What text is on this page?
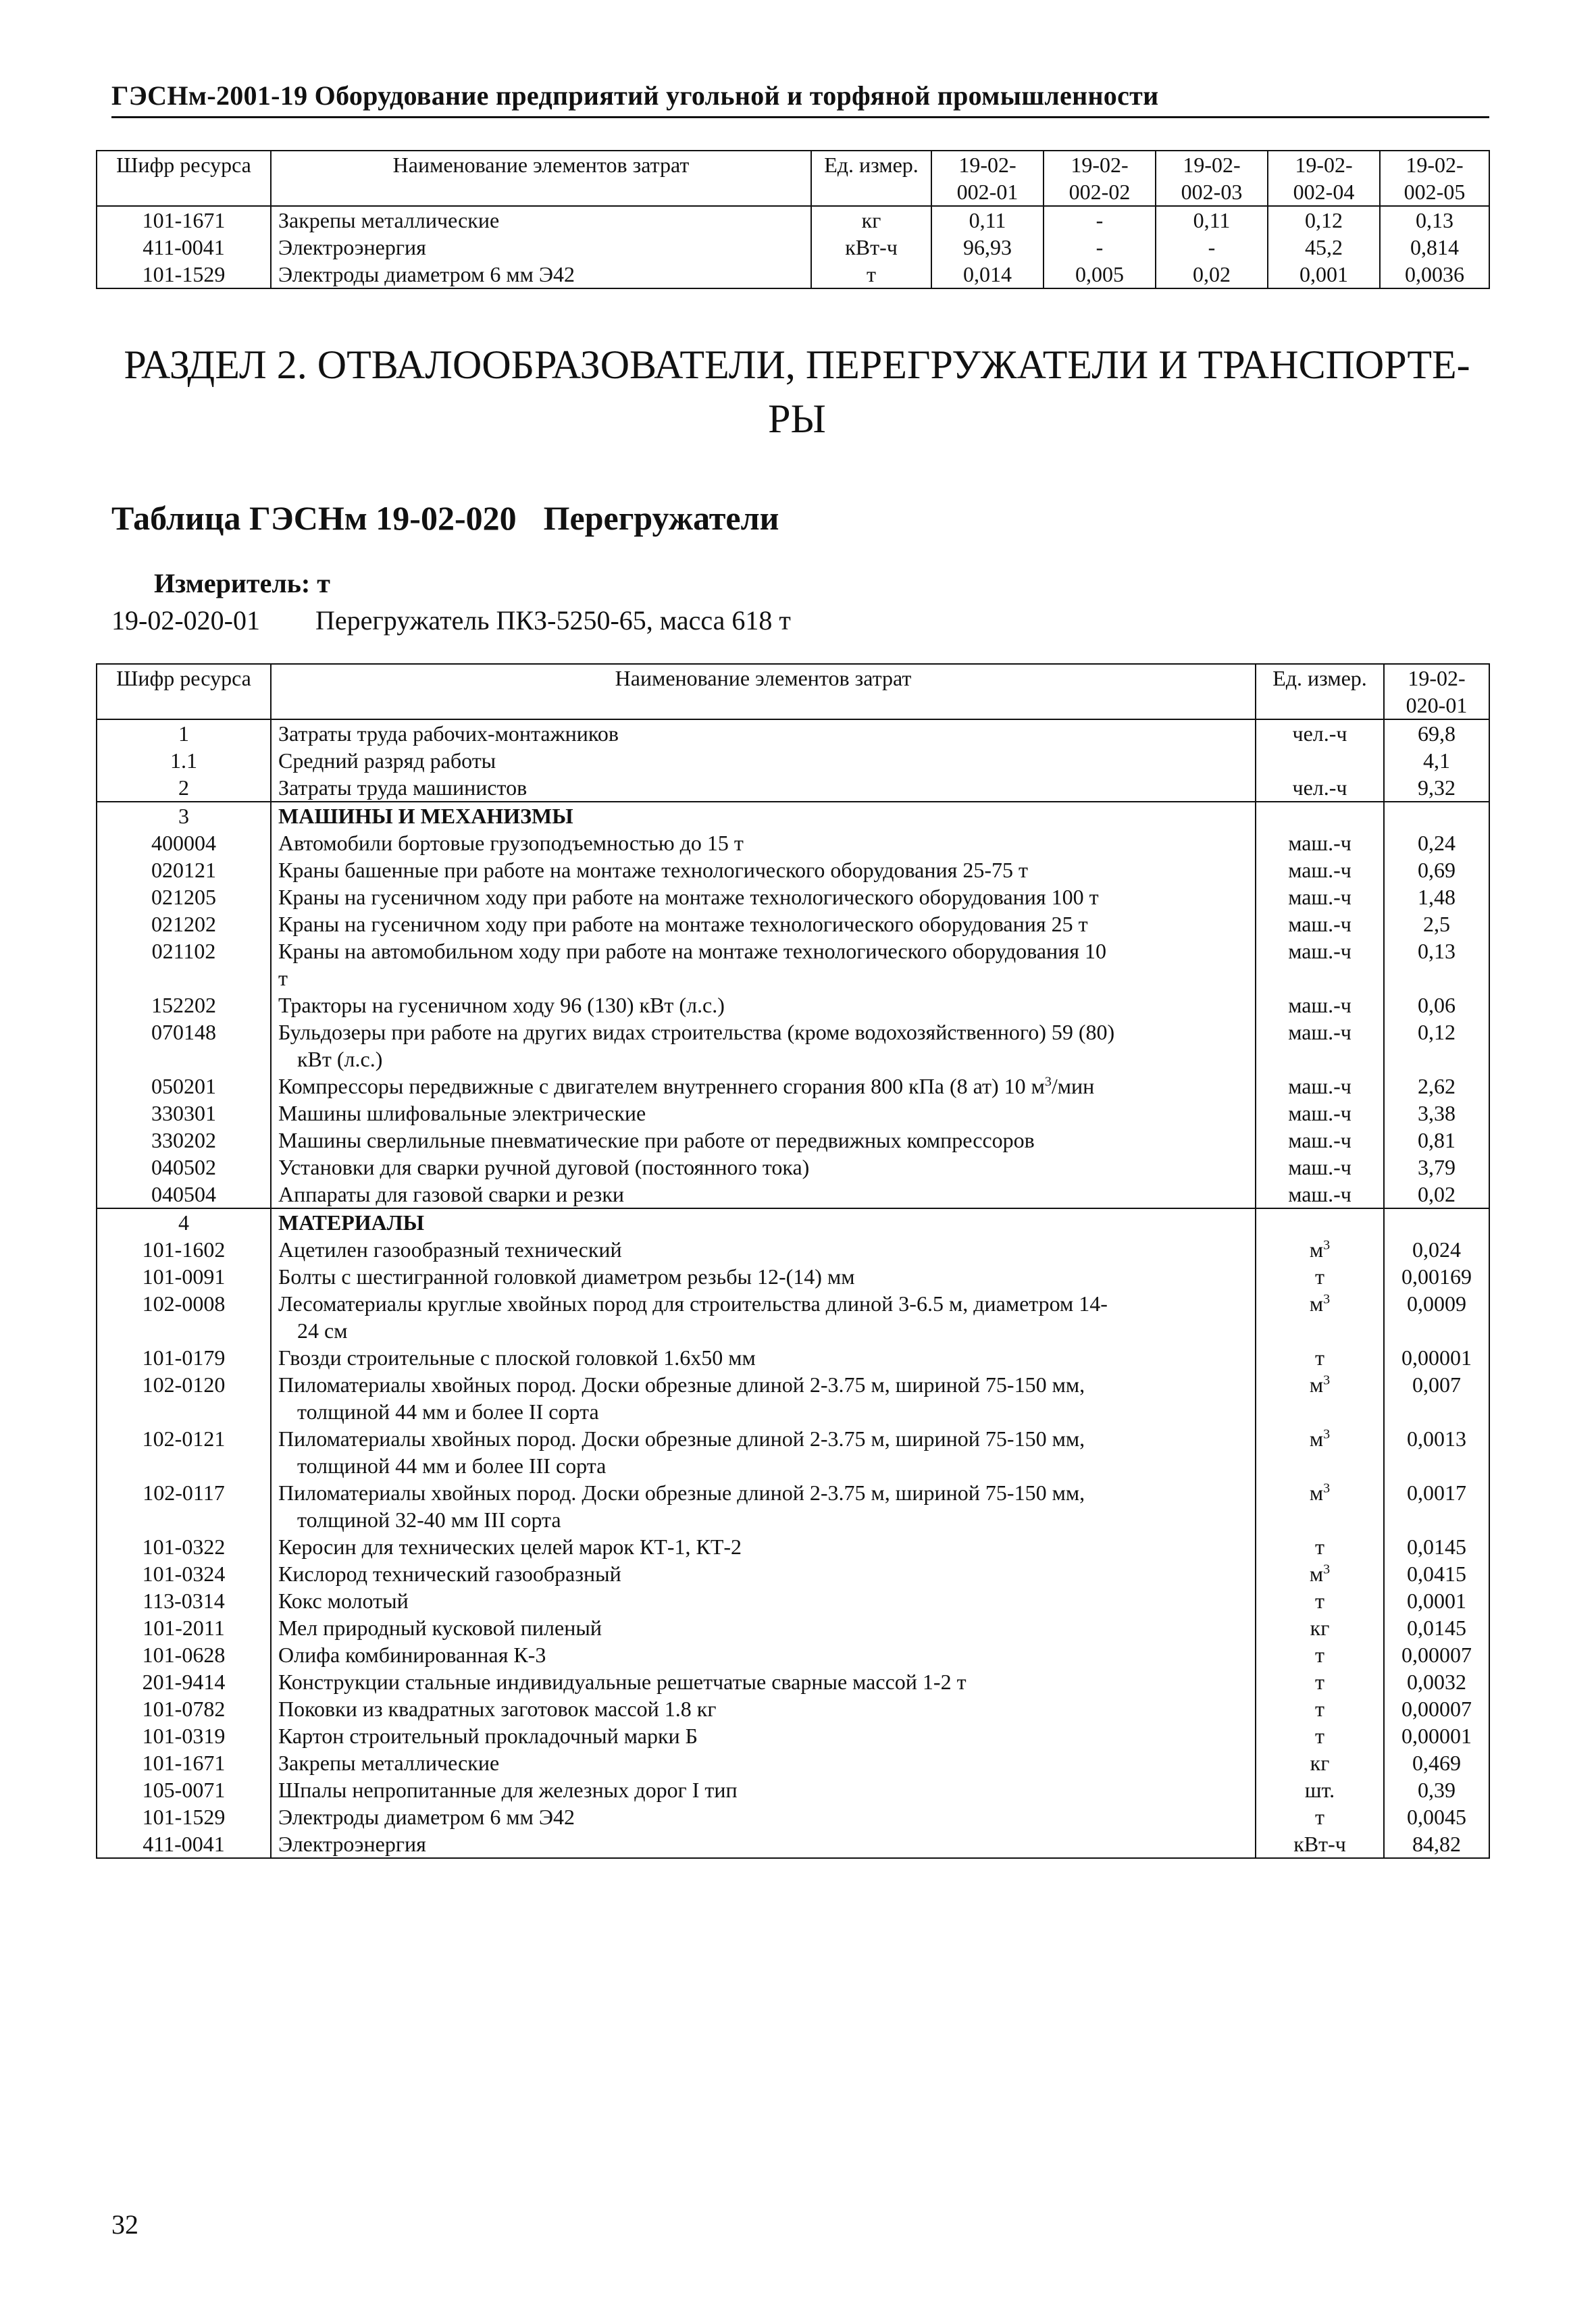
ГЭСНм-2001-19 Оборудование предприятий угольной и торфяной промышленности
Шифр ресурса	Наименование элементов затрат	Ед. измер.	19-02-
002-01	19-02-
002-02	19-02-
002-03	19-02-
002-04	19-02-
002-05
101-1671	Закрепы металлические	кг	0,11	-	0,11	0,12	0,13
411-0041	Электроэнергия	кВт-ч	96,93	-	-	45,2	0,814
101-1529	Электроды диаметром 6 мм Э42	т	0,014	0,005	0,02	0,001	0,0036
РАЗДЕЛ 2. ОТВАЛООБРАЗОВАТЕЛИ, ПЕРЕГРУЖАТЕЛИ И ТРАНСПОРТЕ-
РЫ
Таблица ГЭСНм 19-02-020 Перегружатели
Измеритель: т
19-02-020-01 Перегружатель ПКЗ-5250-65, масса 618 т
Шифр ресурса	Наименование элементов затрат	Ед. измер.	19-02-
020-01
1	Затраты труда рабочих-монтажников	чел.-ч	69,8
1.1	Средний разряд работы		4,1
2	Затраты труда машинистов	чел.-ч	9,32
3	МАШИНЫ И МЕХАНИЗМЫ		
400004	Автомобили бортовые грузоподъемностью до 15 т	маш.-ч	0,24
020121	Краны башенные при работе на монтаже технологического оборудования 25-75 т	маш.-ч	0,69
021205	Краны на гусеничном ходу при работе на монтаже технологического оборудования 100 т	маш.-ч	1,48
021202	Краны на гусеничном ходу при работе на монтаже технологического оборудования 25 т	маш.-ч	2,5
021102	Краны на автомобильном ходу при работе на монтаже технологического оборудования 10
т	маш.-ч	0,13
152202	Тракторы на гусеничном ходу 96 (130) кВт (л.с.)	маш.-ч	0,06
070148	Бульдозеры при работе на других видах строительства (кроме водохозяйственного) 59 (80)
кВт (л.с.)	маш.-ч	0,12
050201	Компрессоры передвижные с двигателем внутреннего сгорания 800 кПа (8 ат) 10 $м^3$/мин	маш.-ч	2,62
330301	Машины шлифовальные электрические	маш.-ч	3,38
330202	Машины сверлильные пневматические при работе от передвижных компрессоров	маш.-ч	0,81
040502	Установки для сварки ручной дуговой (постоянного тока)	маш.-ч	3,79
040504	Аппараты для газовой сварки и резки	маш.-ч	0,02
4	МАТЕРИАЛЫ		
101-1602	Ацетилен газообразный технический	$м^3$	0,024
101-0091	Болты с шестигранной головкой диаметром резьбы 12-(14) мм	т	0,00169
102-0008	Лесоматериалы круглые хвойных пород для строительства длиной 3-6.5 м, диаметром 14-
24 см	$м^3$	0,0009
101-0179	Гвозди строительные с плоской головкой 1.6х50 мм	т	0,00001
102-0120	Пиломатериалы хвойных пород. Доски обрезные длиной 2-3.75 м, шириной 75-150 мм,
толщиной 44 мм и более II сорта	$м^3$	0,007
102-0121	Пиломатериалы хвойных пород. Доски обрезные длиной 2-3.75 м, шириной 75-150 мм,
толщиной 44 мм и более III сорта	$м^3$	0,0013
102-0117	Пиломатериалы хвойных пород. Доски обрезные длиной 2-3.75 м, шириной 75-150 мм,
толщиной 32-40 мм III сорта	$м^3$	0,0017
101-0322	Керосин для технических целей марок КТ-1, КТ-2	т	0,0145
101-0324	Кислород технический газообразный	$м^3$	0,0415
113-0314	Кокс молотый	т	0,0001
101-2011	Мел природный кусковой пиленый	кг	0,0145
101-0628	Олифа комбинированная К-3	т	0,00007
201-9414	Конструкции стальные индивидуальные решетчатые сварные массой 1-2 т	т	0,0032
101-0782	Поковки из квадратных заготовок массой 1.8 кг	т	0,00007
101-0319	Картон строительный прокладочный марки Б	т	0,00001
101-1671	Закрепы металлические	кг	0,469
105-0071	Шпалы непропитанные для железных дорог I тип	шт.	0,39
101-1529	Электроды диаметром 6 мм Э42	т	0,0045
411-0041	Электроэнергия	кВт-ч	84,82
32
